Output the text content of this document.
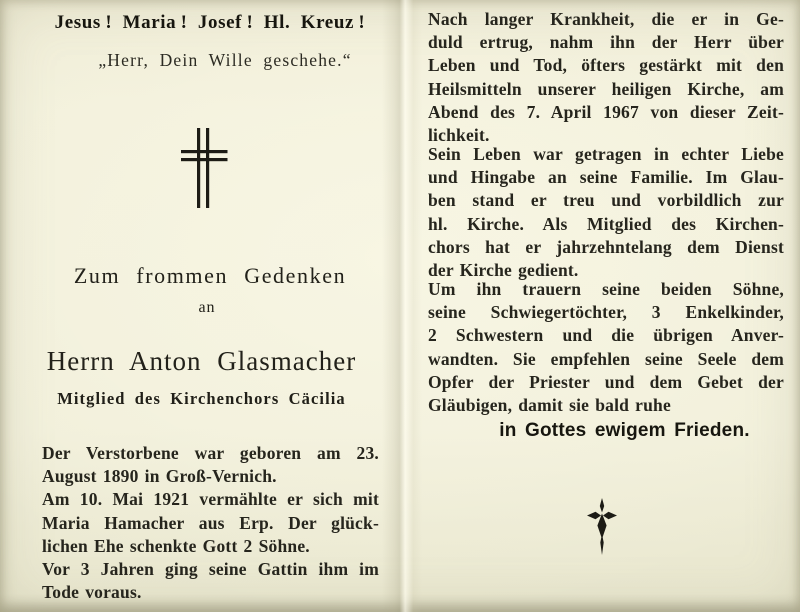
Jesus ! Maria ! Josef ! Hl. Kreuz !
„Herr, Dein Wille geschehe.“
Zum frommen Gedenken
an
Herrn Anton Glasmacher
Mitglied des Kirchenchors Cäcilia
Der Verstorbene war geboren am 23.
August 1890 in Groß-Vernich.
Am 10. Mai 1921 vermählte er sich mit
Maria Hamacher aus Erp. Der glück-
lichen Ehe schenkte Gott 2 Söhne.
Vor 3 Jahren ging seine Gattin ihm im
Tode voraus.
Nach langer Krankheit, die er in Ge-
duld ertrug, nahm ihn der Herr über
Leben und Tod, öfters gestärkt mit den
Heilsmitteln unserer heiligen Kirche, am
Abend des 7. April 1967 von dieser Zeit-
lichkeit.
Sein Leben war getragen in echter Liebe
und Hingabe an seine Familie. Im Glau-
ben stand er treu und vorbildlich zur
hl. Kirche. Als Mitglied des Kirchen-
chors hat er jahrzehntelang dem Dienst
der Kirche gedient.
Um ihn trauern seine beiden Söhne,
seine Schwiegertöchter, 3 Enkelkinder,
2 Schwestern und die übrigen Anver-
wandten. Sie empfehlen seine Seele dem
Opfer der Priester und dem Gebet der
Gläubigen, damit sie bald ruhe
in Gottes ewigem Frieden.
